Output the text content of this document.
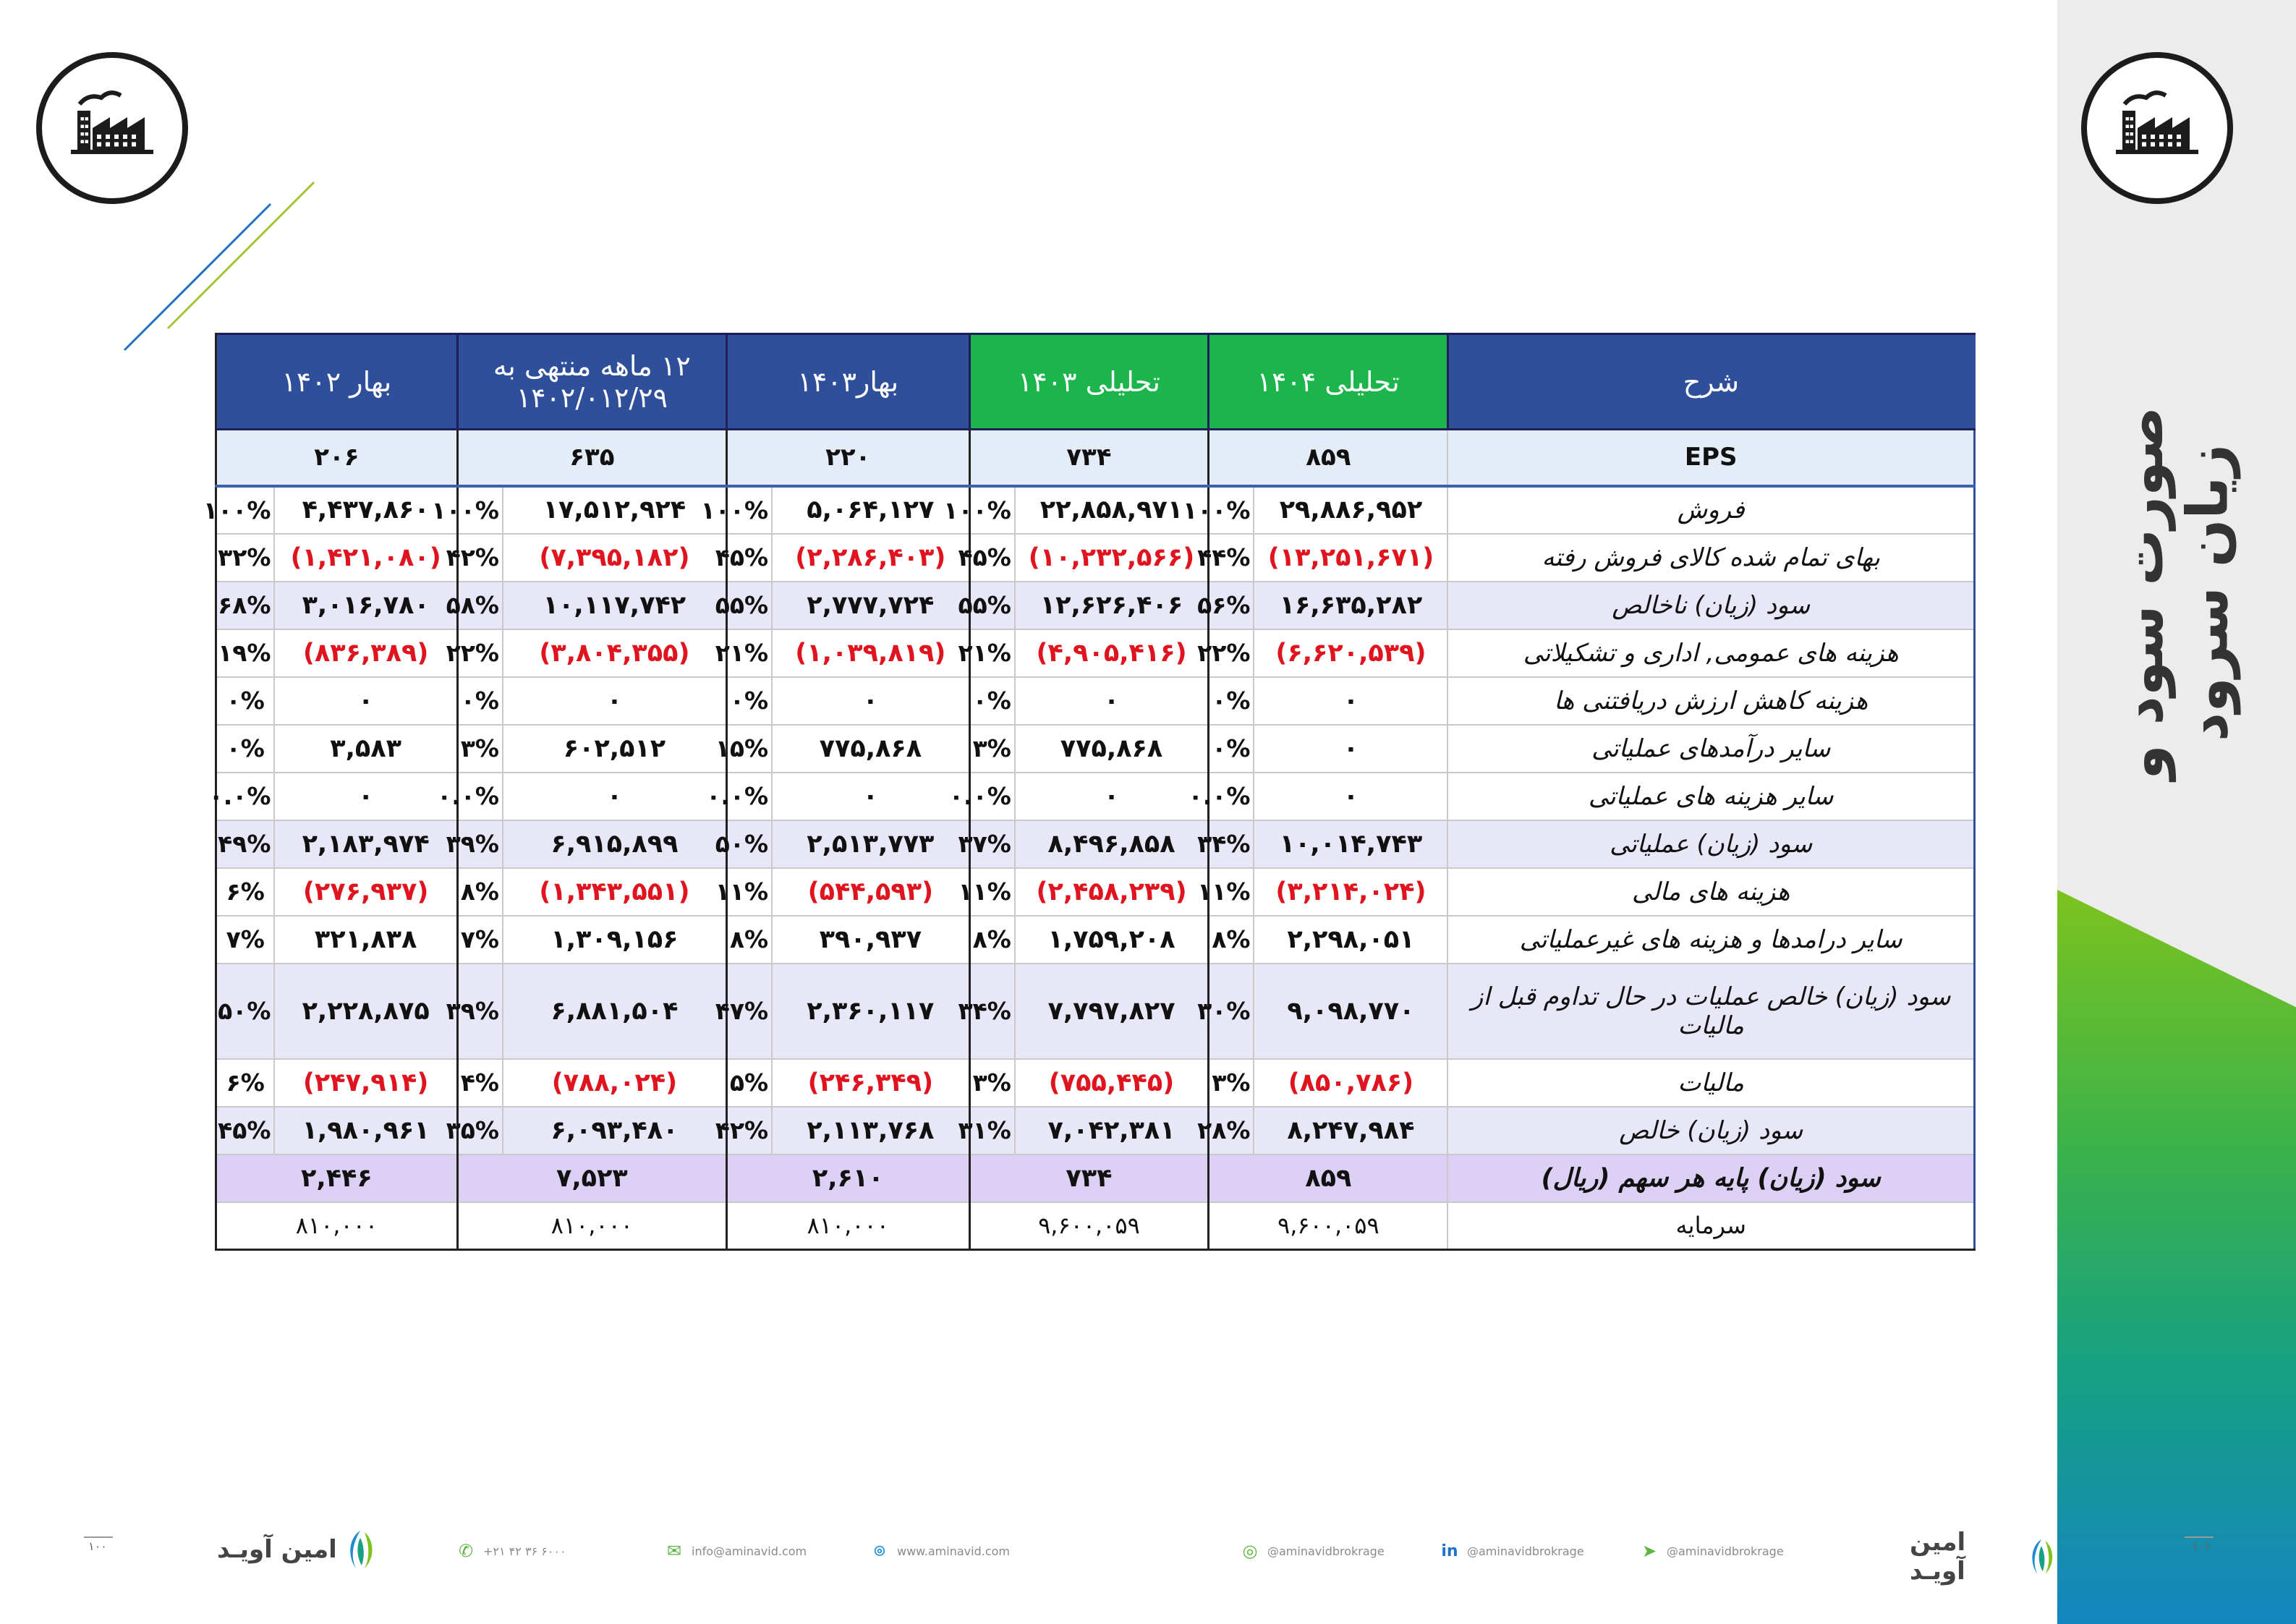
صورت سود و زیان سرود
شرح	تحلیلی ۱۴۰۴		تحلیلی ۱۴۰۳		بهار۱۴۰۳		۱۲ ماهه منتهی به ۱۴۰۲/۰۱۲/۲۹		بهار ۱۴۰۲	
EPS	۸۵۹		۷۳۴		۲۲۰		۶۳۵		۲۰۶	
فروش	۲۹,۸۸۶,۹۵۲	۱۰۰%	۲۲,۸۵۸,۹۷۱	۱۰۰%	۵,۰۶۴,۱۲۷	۱۰۰%	۱۷,۵۱۲,۹۲۴	۱۰۰%	۴,۴۳۷,۸۶۰	۱۰۰%
بهای تمام شده کالای فروش رفته	(۱۳,۲۵۱,۶۷۱)	۴۴%	(۱۰,۲۳۲,۵۶۶)	۴۵%	(۲,۲۸۶,۴۰۳)	۴۵%	(۷,۳۹۵,۱۸۲)	۴۲%	(۱,۴۲۱,۰۸۰)	۳۲%
سود (زیان) ناخالص	۱۶,۶۳۵,۲۸۲	۵۶%	۱۲,۶۲۶,۴۰۶	۵۵%	۲,۷۷۷,۷۲۴	۵۵%	۱۰,۱۱۷,۷۴۲	۵۸%	۳,۰۱۶,۷۸۰	۶۸%
هزینه های عمومی, اداری و تشکیلاتی	(۶,۶۲۰,۵۳۹)	۲۲%	(۴,۹۰۵,۴۱۶)	۲۱%	(۱,۰۳۹,۸۱۹)	۲۱%	(۳,۸۰۴,۳۵۵)	۲۲%	(۸۳۶,۳۸۹)	۱۹%
هزینه کاهش ارزش دریافتنی ها	۰	۰%	۰	۰%	۰	۰%	۰	۰%	۰	۰%
سایر درآمدهای عملیاتی	۰	۰%	۷۷۵,۸۶۸	۳%	۷۷۵,۸۶۸	۱۵%	۶۰۲,۵۱۲	۳%	۳,۵۸۳	۰%
سایر هزینه های عملیاتی	۰	۰.۰%	۰	۰.۰%	۰	۰.۰%	۰	۰.۰%	۰	۰.۰%
سود (زیان) عملیاتی	۱۰,۰۱۴,۷۴۳	۳۴%	۸,۴۹۶,۸۵۸	۳۷%	۲,۵۱۳,۷۷۳	۵۰%	۶,۹۱۵,۸۹۹	۳۹%	۲,۱۸۳,۹۷۴	۴۹%
هزینه های مالی	(۳,۲۱۴,۰۲۴)	۱۱%	(۲,۴۵۸,۲۳۹)	۱۱%	(۵۴۴,۵۹۳)	۱۱%	(۱,۳۴۳,۵۵۱)	۸%	(۲۷۶,۹۳۷)	۶%
سایر درامدها و هزینه های غیرعملیاتی	۲,۲۹۸,۰۵۱	۸%	۱,۷۵۹,۲۰۸	۸%	۳۹۰,۹۳۷	۸%	۱,۳۰۹,۱۵۶	۷%	۳۲۱,۸۳۸	۷%
سود (زیان) خالص عملیات در حال تداوم قبل از مالیات	۹,۰۹۸,۷۷۰	۳۰%	۷,۷۹۷,۸۲۷	۳۴%	۲,۳۶۰,۱۱۷	۴۷%	۶,۸۸۱,۵۰۴	۳۹%	۲,۲۲۸,۸۷۵	۵۰%
مالیات	(۸۵۰,۷۸۶)	۳%	(۷۵۵,۴۴۵)	۳%	(۲۴۶,۳۴۹)	۵%	(۷۸۸,۰۲۴)	۴%	(۲۴۷,۹۱۴)	۶%
سود (زیان) خالص	۸,۲۴۷,۹۸۴	۲۸%	۷,۰۴۲,۳۸۱	۳۱%	۲,۱۱۳,۷۶۸	۴۲%	۶,۰۹۳,۴۸۰	۳۵%	۱,۹۸۰,۹۶۱	۴۵%
سود (زیان) پایه هر سهم (ریال)	۸۵۹		۷۳۴		۲,۶۱۰		۷,۵۲۳		۲,۴۴۶	
سرمایه	۹,۶۰۰,۰۵۹		۹,۶۰۰,۰۵۹		۸۱۰,۰۰۰		۸۱۰,۰۰۰		۸۱۰,۰۰۰	
۱۰۰	امین آویـد	✆ +۲۱ ۴۲ ۳۶ ۶۰۰۰	✉ info@aminavid.com	⌾	www.aminavid.com	◎ @aminavidbrokrage	in @aminavidbrokrage	➤ @aminavidbrokrage	امین آویـد
۱۰۱
